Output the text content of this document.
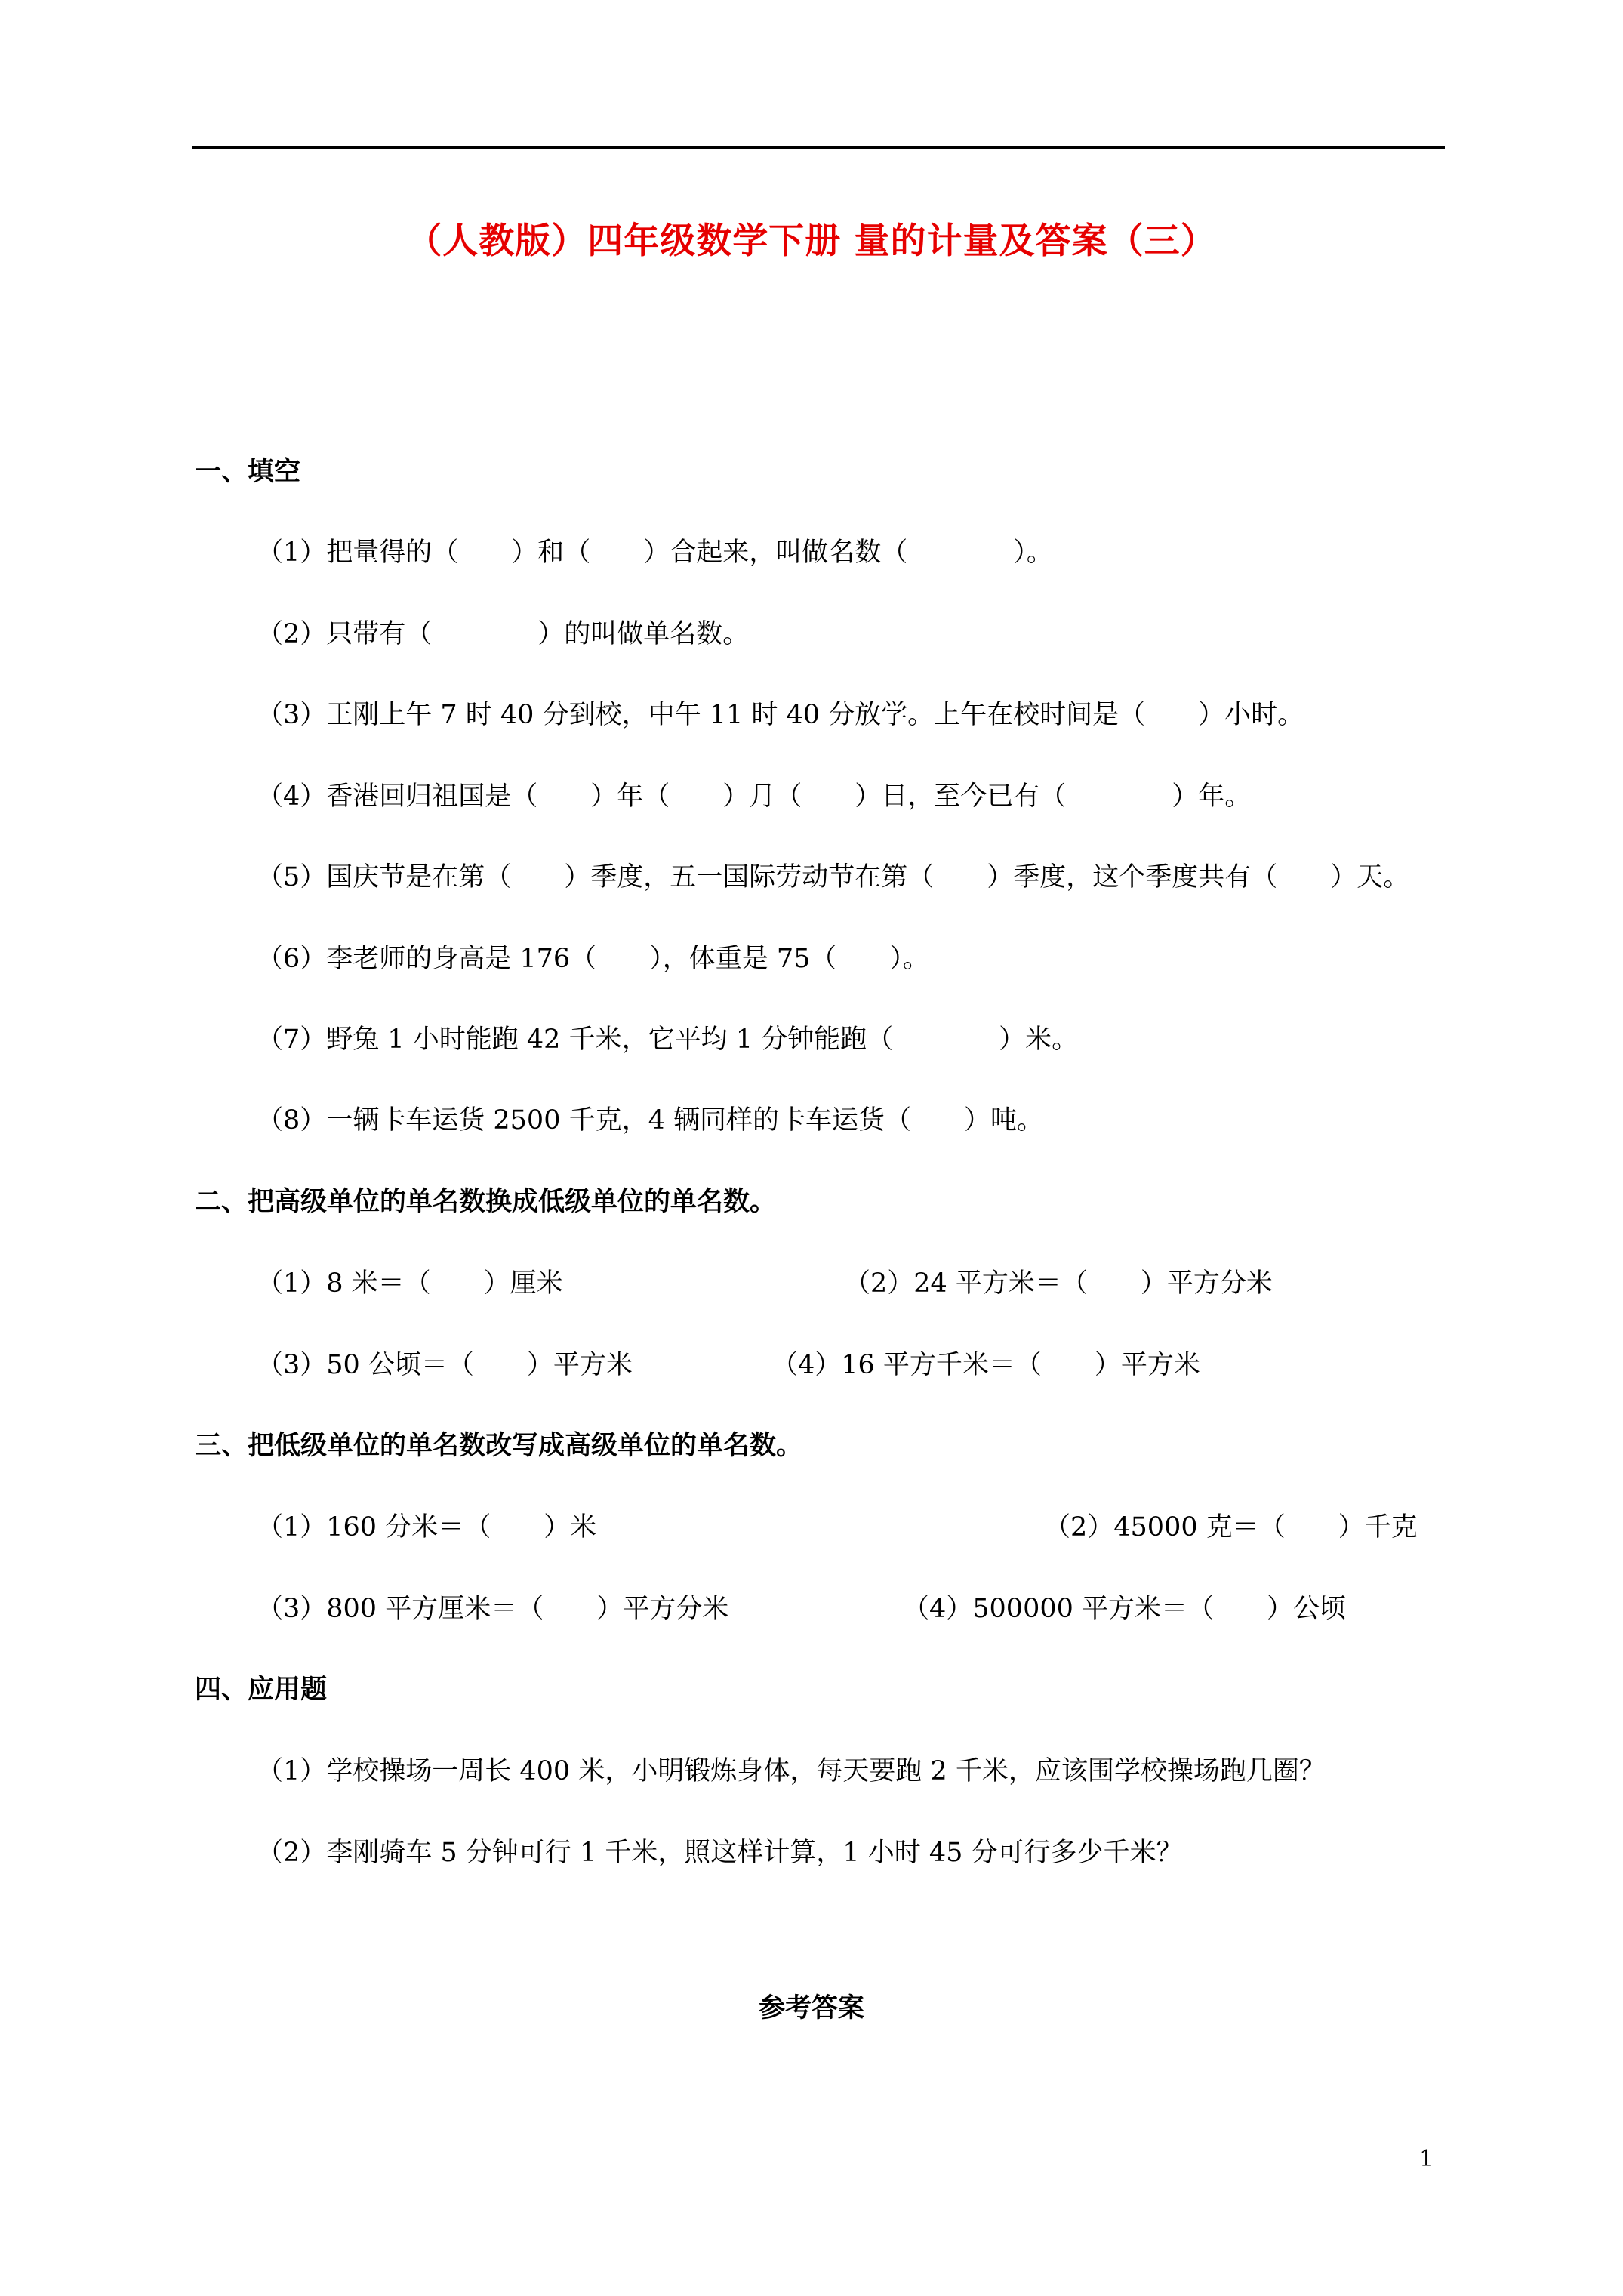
（人教版）四年级数学下册 量的计量及答案（三）
一、填空
（1）把量得的（　　）和（　　）合起来，叫做名数（　　　　）。
（2）只带有（　　　　）的叫做单名数。
（3）王刚上午 7 时 40 分到校，中午 11 时 40 分放学。上午在校时间是（　　）小时。
（4）香港回归祖国是（　　）年（　　）月（　　）日，至今已有（　　　　）年。
（5）国庆节是在第（　　）季度，五一国际劳动节在第（　　）季度，这个季度共有（　　）天。
（6）李老师的身高是 176（　　），体重是 75（　　）。
（7）野兔 1 小时能跑 42 千米，它平均 1 分钟能跑（　　　　）米。
（8）一辆卡车运货 2500 千克，4 辆同样的卡车运货（　　）吨。
二、把高级单位的单名数换成低级单位的单名数。
（1）8 米＝（　　）厘米	（2）24 平方米＝（　　）平方分米
（3）50 公顷＝（　　）平方米	（4）16 平方千米＝（　　）平方米
三、把低级单位的单名数改写成高级单位的单名数。
（1）160 分米＝（　　）米	（2）45000 克＝（　　）千克
（3）800 平方厘米＝（　　）平方分米	（4）500000 平方米＝（　　）公顷
四、应用题
（1）学校操场一周长 400 米，小明锻炼身体，每天要跑 2 千米，应该围学校操场跑几圈？
（2）李刚骑车 5 分钟可行 1 千米，照这样计算，1 小时 45 分可行多少千米？
参考答案
1
